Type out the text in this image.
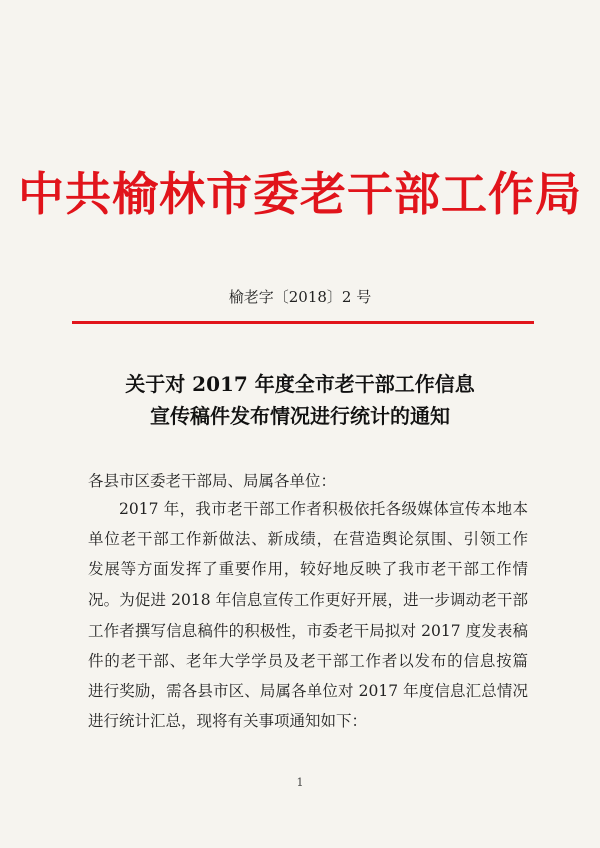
中共榆林市委老干部工作局
榆老字〔2018〕2 号
关于对 2017 年度全市老干部工作信息
宣传稿件发布情况进行统计的通知
各县市区委老干部局、局属各单位：
2017 年，我市老干部工作者积极依托各级媒体宣传本地本
单位老干部工作新做法、新成绩，在营造舆论氛围、引领工作
发展等方面发挥了重要作用，较好地反映了我市老干部工作情
况。为促进 2018 年信息宣传工作更好开展，进一步调动老干部
工作者撰写信息稿件的积极性，市委老干局拟对 2017 度发表稿
件的老干部、老年大学学员及老干部工作者以发布的信息按篇
进行奖励，需各县市区、局属各单位对 2017 年度信息汇总情况
进行统计汇总，现将有关事项通知如下：
1
